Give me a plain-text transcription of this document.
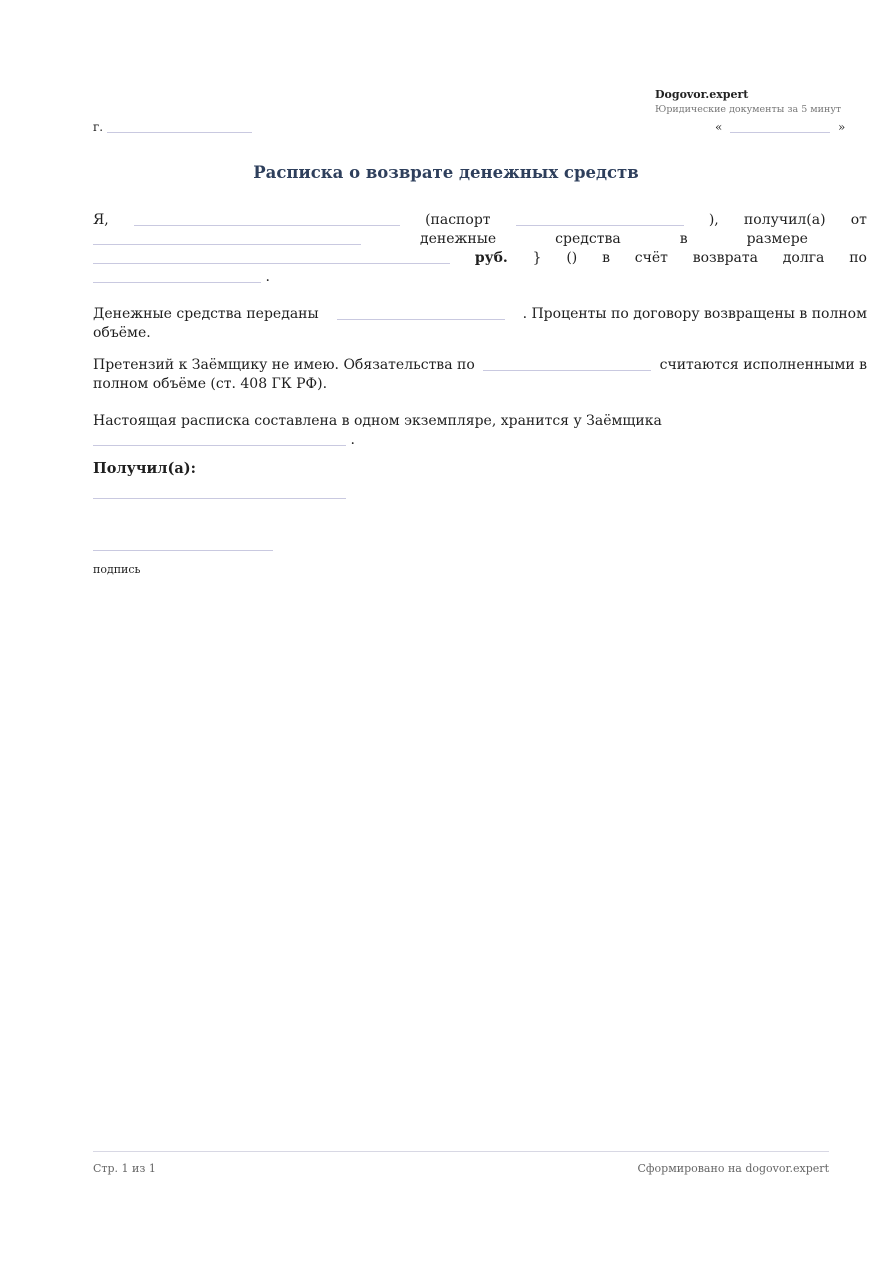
Dogovor.expert
Юридические документы за 5 минут
г.	«	»
Расписка о возврате денежных средств
Я,	(паспорт	), получил(а) от
денежные	средства	в	размере
руб. } () в счёт возврата долга по
.
Денежные средства переданы	. Проценты по договору возвращены в полном
объёме.
Претензий к Заёмщику не имею. Обязательства по	считаются исполненными в
полном объёме (ст. 408 ГК РФ).
Настоящая расписка составлена в одном экземпляре, хранится у Заёмщика
.
Получил(а):
подпись
Стр. 1 из 1	Сформировано на dogovor.expert
